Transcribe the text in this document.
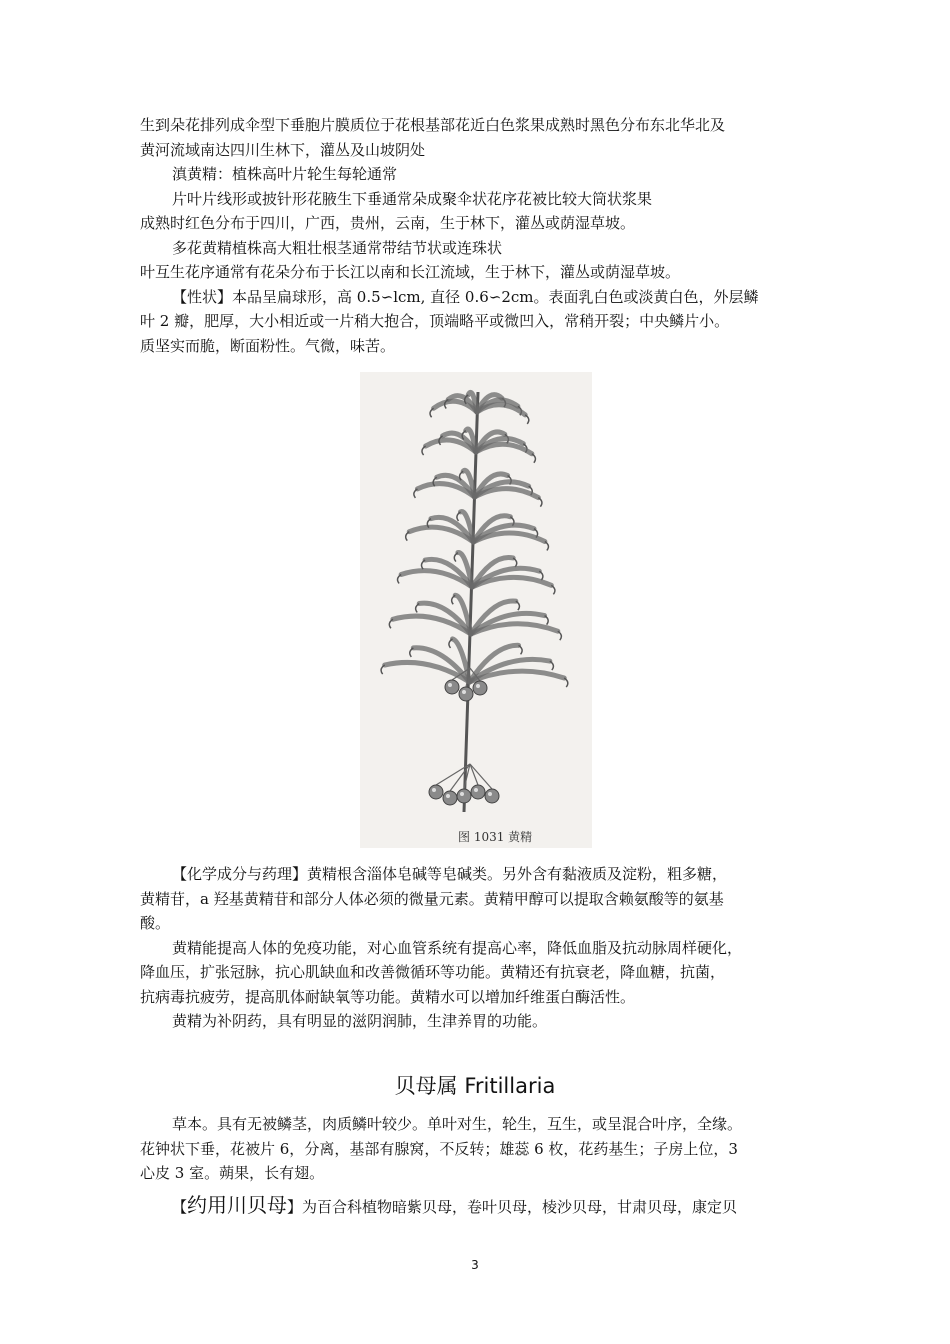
生到朵花排列成伞型下垂胞片膜质位于花根基部花近白色浆果成熟时黑色分布东北华北及
黄河流域南达四川生林下，灌丛及山坡阴处
滇黄精：植株高叶片轮生每轮通常
片叶片线形或披针形花腋生下垂通常朵成聚伞状花序花被比较大筒状浆果
成熟时红色分布于四川，广西，贵州，云南，生于林下，灌丛或荫湿草坡。
多花黄精植株高大粗壮根茎通常带结节状或连珠状
叶互生花序通常有花朵分布于长江以南和长江流域，生于林下，灌丛或荫湿草坡。
【性状】本品呈扁球形，高 0.5∽lcm, 直径 0.6∽2cm。表面乳白色或淡黄白色，外层鳞
叶 2 瓣，肥厚，大小相近或一片稍大抱合，顶端略平或微凹入，常稍开裂；中央鳞片小。
质坚实而脆，断面粉性。气微，味苦。
图 1031 黄精
【化学成分与药理】黄精根含淄体皂碱等皂碱类。另外含有黏液质及淀粉，粗多糖，
黄精苷，a 羟基黄精苷和部分人体必须的微量元素。黄精甲醇可以提取含赖氨酸等的氨基
酸。
黄精能提高人体的免疫功能，对心血管系统有提高心率，降低血脂及抗动脉周样硬化，
降血压，扩张冠脉，抗心肌缺血和改善微循环等功能。黄精还有抗衰老，降血糖，抗菌，
抗病毒抗疲劳，提高肌体耐缺氧等功能。黄精水可以增加纤维蛋白酶活性。
黄精为补阴药，具有明显的滋阴润肺，生津养胃的功能。
贝母属 Fritillaria
草本。具有无被鳞茎，肉质鳞叶较少。单叶对生，轮生，互生，或呈混合叶序，全缘。
花钟状下垂，花被片 6，分离，基部有腺窝，不反转；雄蕊 6 枚，花药基生；子房上位，3
心皮 3 室。蒴果，长有翅。
【约用川贝母】为百合科植物暗紫贝母，卷叶贝母，棱沙贝母，甘肃贝母，康定贝
3
